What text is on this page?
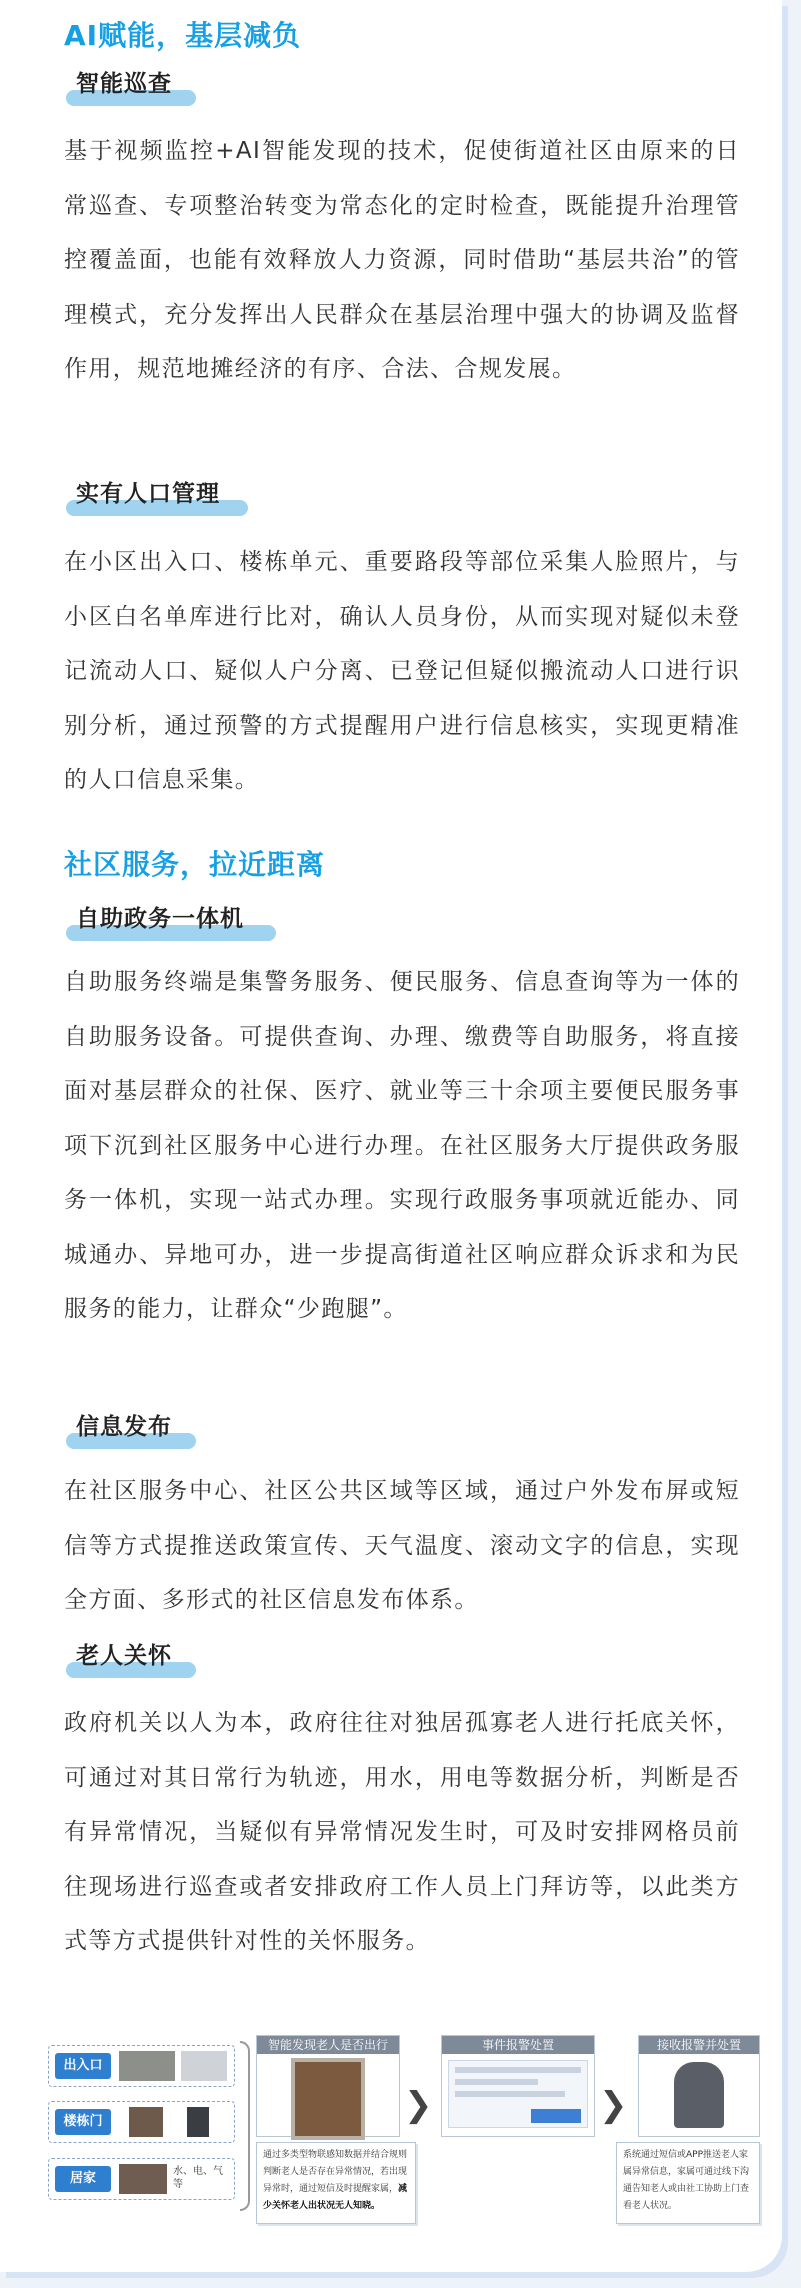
AI赋能，基层减负
智能巡查

基于视频监控+AI智能发现的技术，促使街道社区由原来的日常巡查、专项整治转变为常态化的定时检查，既能提升治理管控覆盖面，也能有效释放人力资源，同时借助“基层共治”的管理模式，充分发挥出人民群众在基层治理中强大的协调及监督作用，规范地摊经济的有序、合法、合规发展。

实有人口管理

在小区出入口、楼栋单元、重要路段等部位采集人脸照片，与小区白名单库进行比对，确认人员身份，从而实现对疑似未登记流动人口、疑似人户分离、已登记但疑似搬流动人口进行识别分析，通过预警的方式提醒用户进行信息核实，实现更精准的人口信息采集。

社区服务，拉近距离
自助政务一体机

自助服务终端是集警务服务、便民服务、信息查询等为一体的自助服务设备。可提供查询、办理、缴费等自助服务，将直接面对基层群众的社保、医疗、就业等三十余项主要便民服务事项下沉到社区服务中心进行办理。在社区服务大厅提供政务服务一体机，实现一站式办理。实现行政服务事项就近能办、同城通办、异地可办，进一步提高街道社区响应群众诉求和为民服务的能力，让群众“少跑腿”。

信息发布

在社区服务中心、社区公共区域等区域，通过户外发布屏或短信等方式提推送政策宣传、天气温度、滚动文字的信息，实现全方面、多形式的社区信息发布体系。

老人关怀

政府机关以人为本，政府往往对独居孤寡老人进行托底关怀，可通过对其日常行为轨迹，用水，用电等数据分析，判断是否有异常情况，当疑似有异常情况发生时，可及时安排网格员前往现场进行巡查或者安排政府工作人员上门拜访等，以此类方式等方式提供针对性的关怀服务。

出入口
楼栋门
居家	水、电、气等
智能发现老人是否出行
❯
事件报警处置
❯
接收报警并处置
通过多类型物联感知数据并结合规则判断老人是否存在异常情况，若出现异常时，通过短信及时提醒家属，减少关怀老人出状况无人知晓。
系统通过短信或APP推送老人家属异常信息，家属可通过线下沟通告知老人或由社工协助上门查看老人状况。
